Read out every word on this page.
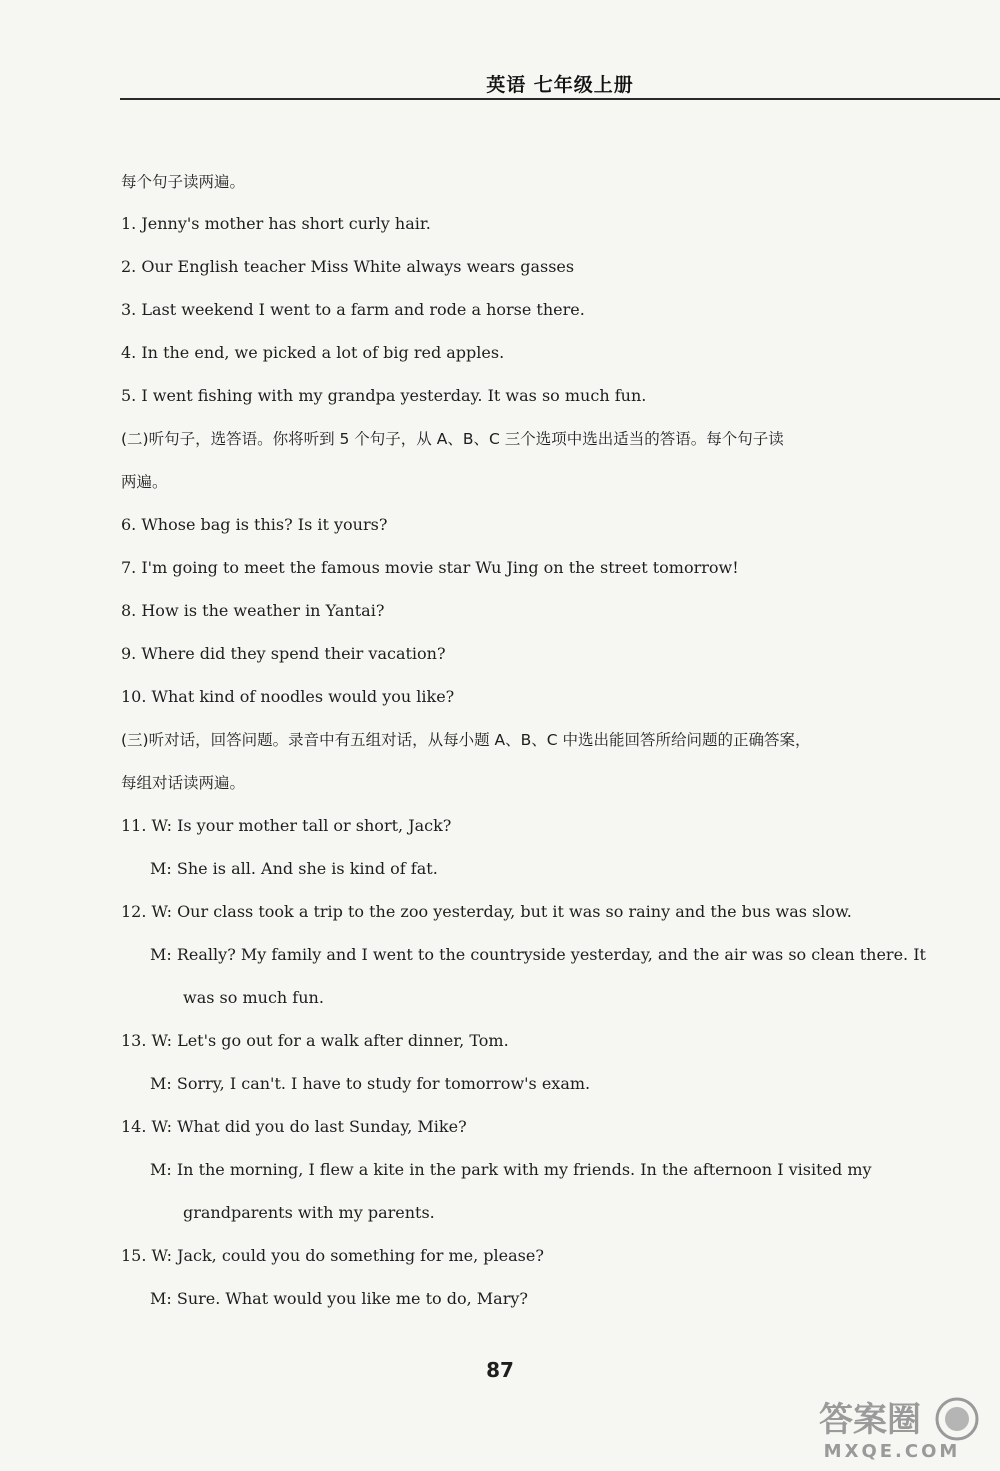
英语 七年级上册
每个句子读两遍。
1. Jenny's mother has short curly hair.
2. Our English teacher Miss White always wears gasses
3. Last weekend I went to a farm and rode a horse there.
4. In the end, we picked a lot of big red apples.
5. I went fishing with my grandpa yesterday. It was so much fun.
(二)听句子，选答语。你将听到 5 个句子，从 A、B、C 三个选项中选出适当的答语。每个句子读
两遍。
6. Whose bag is this? Is it yours?
7. I'm going to meet the famous movie star Wu Jing on the street tomorrow!
8. How is the weather in Yantai?
9. Where did they spend their vacation?
10. What kind of noodles would you like?
(三)听对话，回答问题。录音中有五组对话，从每小题 A、B、C 中选出能回答所给问题的正确答案，
每组对话读两遍。
11. W: Is your mother tall or short, Jack?
M: She is all. And she is kind of fat.
12. W: Our class took a trip to the zoo yesterday, but it was so rainy and the bus was slow.
M: Really? My family and I went to the countryside yesterday, and the air was so clean there. It
was so much fun.
13. W: Let's go out for a walk after dinner, Tom.
M: Sorry, I can't. I have to study for tomorrow's exam.
14. W: What did you do last Sunday, Mike?
M: In the morning, I flew a kite in the park with my friends. In the afternoon I visited my
grandparents with my parents.
15. W: Jack, could you do something for me, please?
M: Sure. What would you like me to do, Mary?
87
答案圈
MXQE.COM
